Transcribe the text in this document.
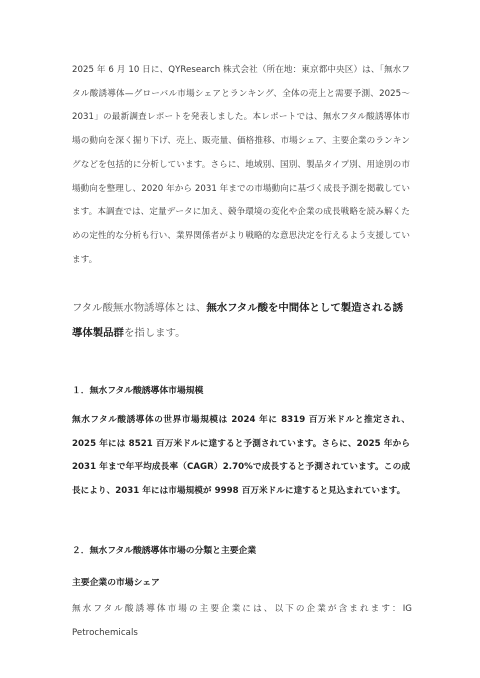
2025 年 6 月 10 日に、QYResearch 株式会社（所在地：東京都中央区）は、「無水フタル酸誘導体—グローバル市場シェアとランキング、全体の売上と需要予測、2025～2031」の最新調査レポートを発表しました。本レポートでは、無水フタル酸誘導体市場の動向を深く掘り下げ、売上、販売量、価格推移、市場シェア、主要企業のランキングなどを包括的に分析しています。さらに、地域別、国別、製品タイプ別、用途別の市場動向を整理し、2020 年から 2031 年までの市場動向に基づく成長予測を掲載しています。本調査では、定量データに加え、競争環境の変化や企業の成長戦略を読み解くための定性的な分析も行い、業界関係者がより戦略的な意思決定を行えるよう支援しています。

フタル酸無水物誘導体とは、無水フタル酸を中間体として製造される誘導体製品群を指します。

１．無水フタル酸誘導体市場規模

無水フタル酸誘導体の世界市場規模は 2024 年に 8319 百万米ドルと推定され、2025 年には 8521 百万米ドルに達すると予測されています。さらに、2025 年から 2031 年まで年平均成長率（CAGR）2.70%で成長すると予測されています。この成長により、2031 年には市場規模が 9998 百万米ドルに達すると見込まれています。

２．無水フタル酸誘導体市場の分類と主要企業
主要企業の市場シェア

無水フタル酸誘導体市場の主要企業には、以下の企業が含まれます：IG Petrochemicals
